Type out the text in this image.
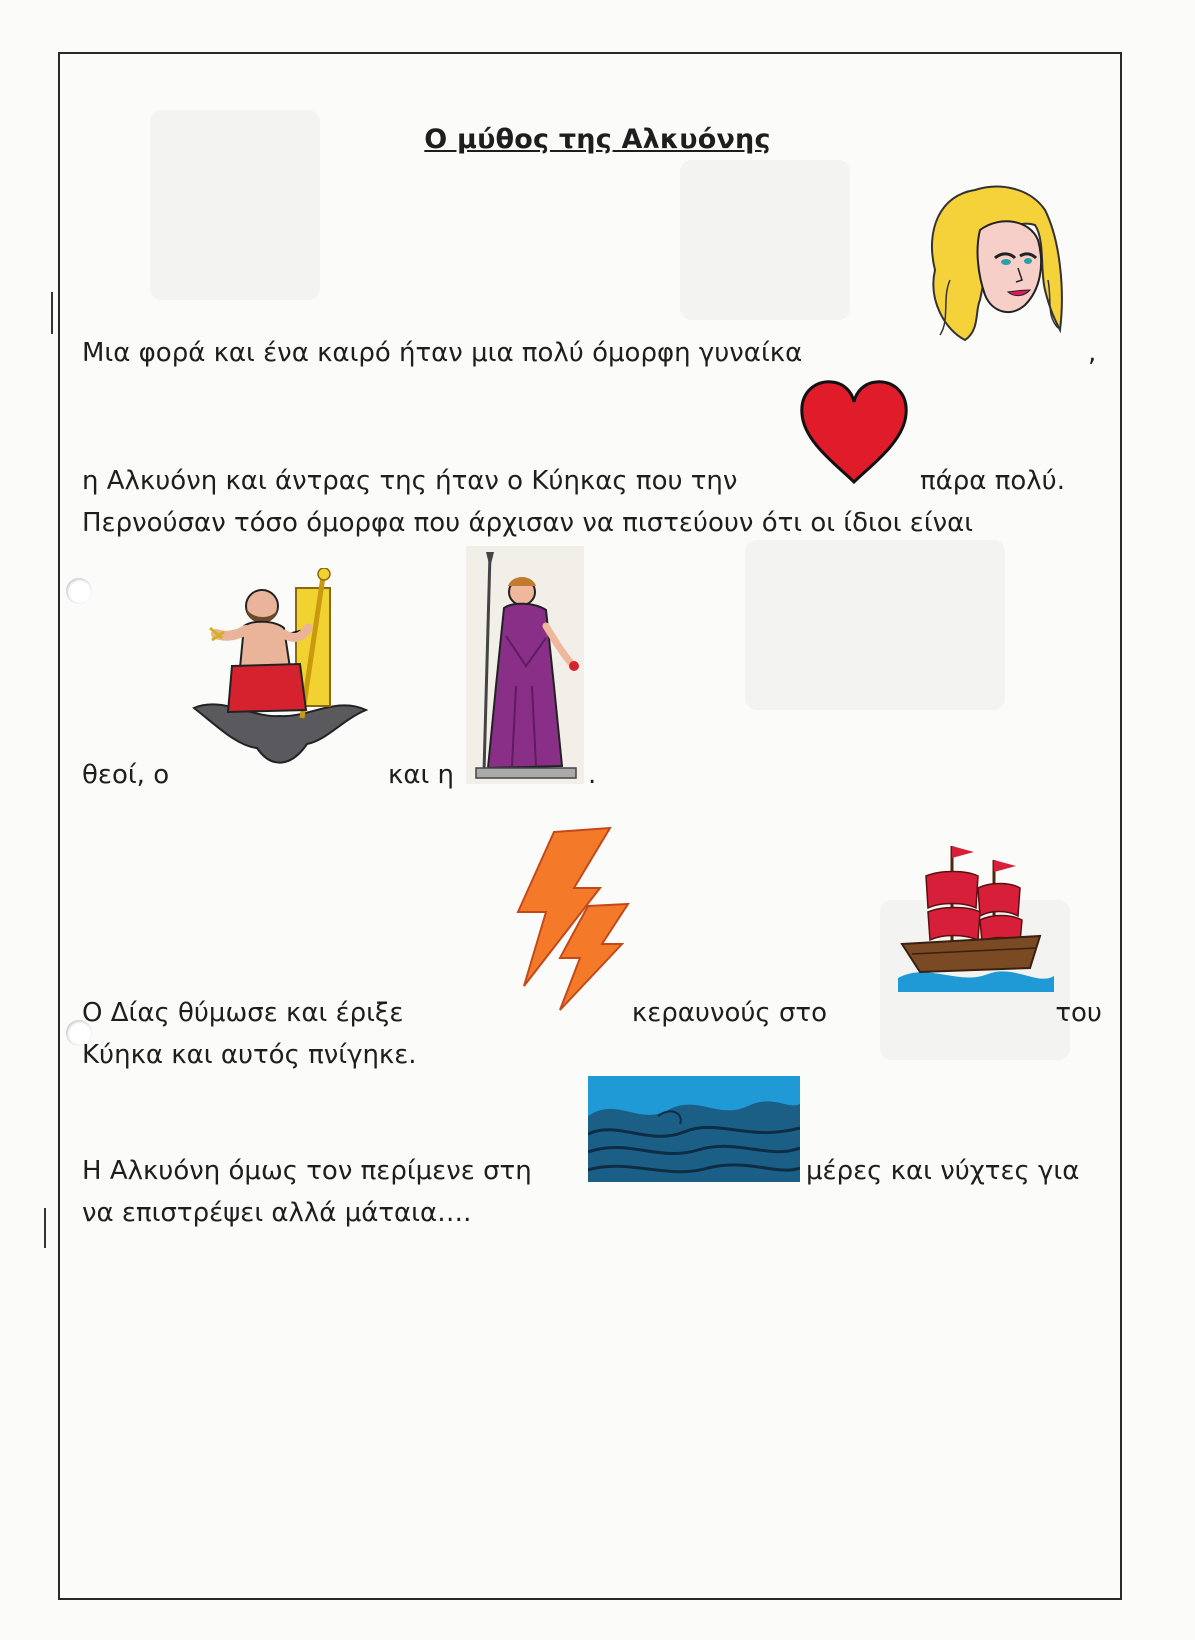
Ο μύθος της Αλκυόνης
Μια φορά και ένα καιρό ήταν μια πολύ όμορφη γυναίκα	,
η Αλκυόνη και άντρας της ήταν ο Κύηκας που την	πάρα πολύ.
Περνούσαν τόσο όμορφα που άρχισαν να πιστεύουν ότι οι ίδιοι είναι
θεοί, ο	και η	.
Ο Δίας θύμωσε και έριξε	κεραυνούς στο	του
Κύηκα και αυτός πνίγηκε.
Η Αλκυόνη όμως τον περίμενε στη	μέρες και νύχτες για
να επιστρέψει αλλά μάταια….
